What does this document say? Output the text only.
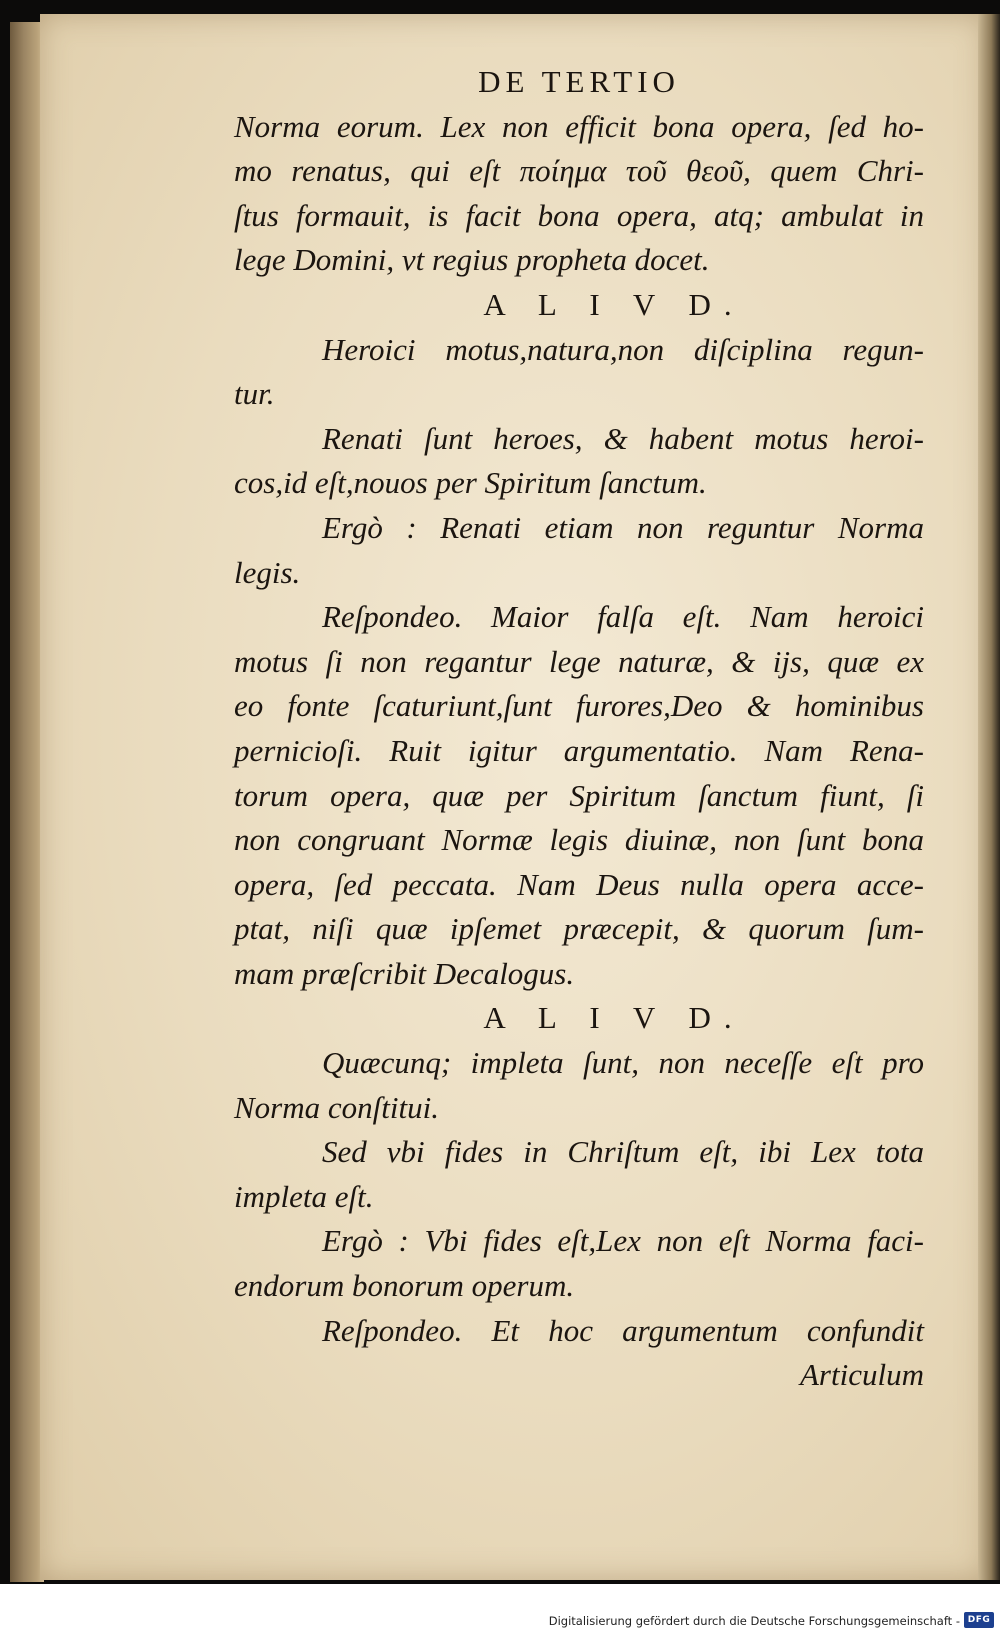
DE TERTIO
Norma eorum. Lex non efficit bona opera, ſed ho-
mo renatus, qui eſt ποίημα τοῦ θεοῦ, quem Chri-
ſtus formauit, is facit bona opera, atq; ambulat in
lege Domini, vt regius propheta docet.
A L I V D.
Heroici motus,natura,non diſciplina regun-
tur.
Renati ſunt heroes, & habent motus heroi-
cos,id eſt,nouos per Spiritum ſanctum.
Ergò : Renati etiam non reguntur Norma
legis.
Reſpondeo. Maior falſa eſt. Nam heroici
motus ſi non regantur lege naturæ, & ijs, quæ ex
eo fonte ſcaturiunt,ſunt furores,Deo & hominibus
pernicioſi. Ruit igitur argumentatio. Nam Rena-
torum opera, quæ per Spiritum ſanctum fiunt, ſi
non congruant Normæ legis diuinæ, non ſunt bona
opera, ſed peccata. Nam Deus nulla opera acce-
ptat, niſi quæ ipſemet præcepit, & quorum ſum-
mam præſcribit Decalogus.
A L I V D.
Quæcunq; impleta ſunt, non neceſſe eſt pro
Norma conſtitui.
Sed vbi fides in Chriſtum eſt, ibi Lex tota
impleta eſt.
Ergò : Vbi fides eſt,Lex non eſt Norma faci-
endorum bonorum operum.
Reſpondeo. Et hoc argumentum confundit
Articulum
Digitalisierung gefördert durch die Deutsche Forschungsgemeinschaft - DFG
